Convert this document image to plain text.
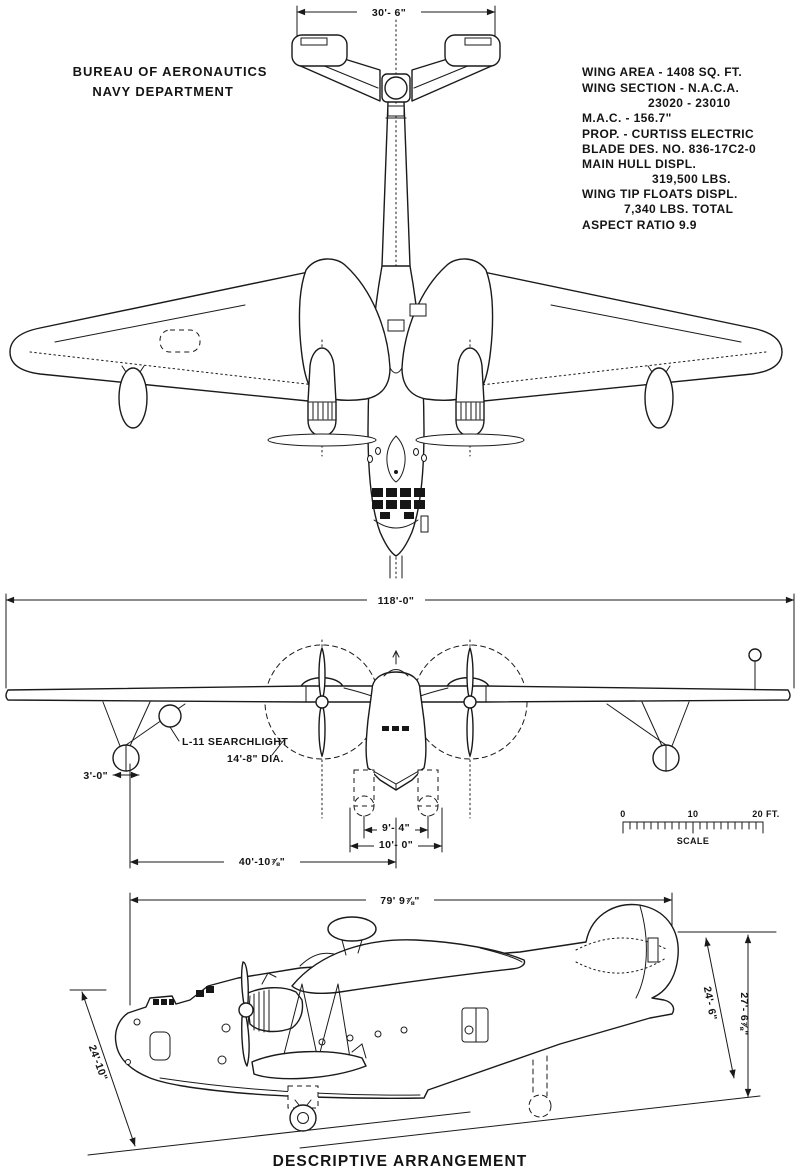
BUREAU OF AERONAUTICS
NAVY DEPARTMENT
WING AREA - 1408 SQ. FT.
WING SECTION - N.A.C.A.
23020 - 23010
M.A.C. - 156.7"
PROP. - CURTISS ELECTRIC
BLADE DES. NO. 836-17C2-0
MAIN HULL DISPL.
319,500 LBS.
WING TIP FLOATS DISPL.
7,340 LBS. TOTAL
ASPECT RATIO 9.9
30'- 6"
118'-0"
L-11 SEARCHLIGHT
14'-8" DIA.
3'-0"
9'- 4"
10'- 0"
40'-10⅞"
0	10	20 FT.
SCALE
79' 9⅞"
24'- 6" 27'- 6⅞"
24'-10"
DESCRIPTIVE ARRANGEMENT
